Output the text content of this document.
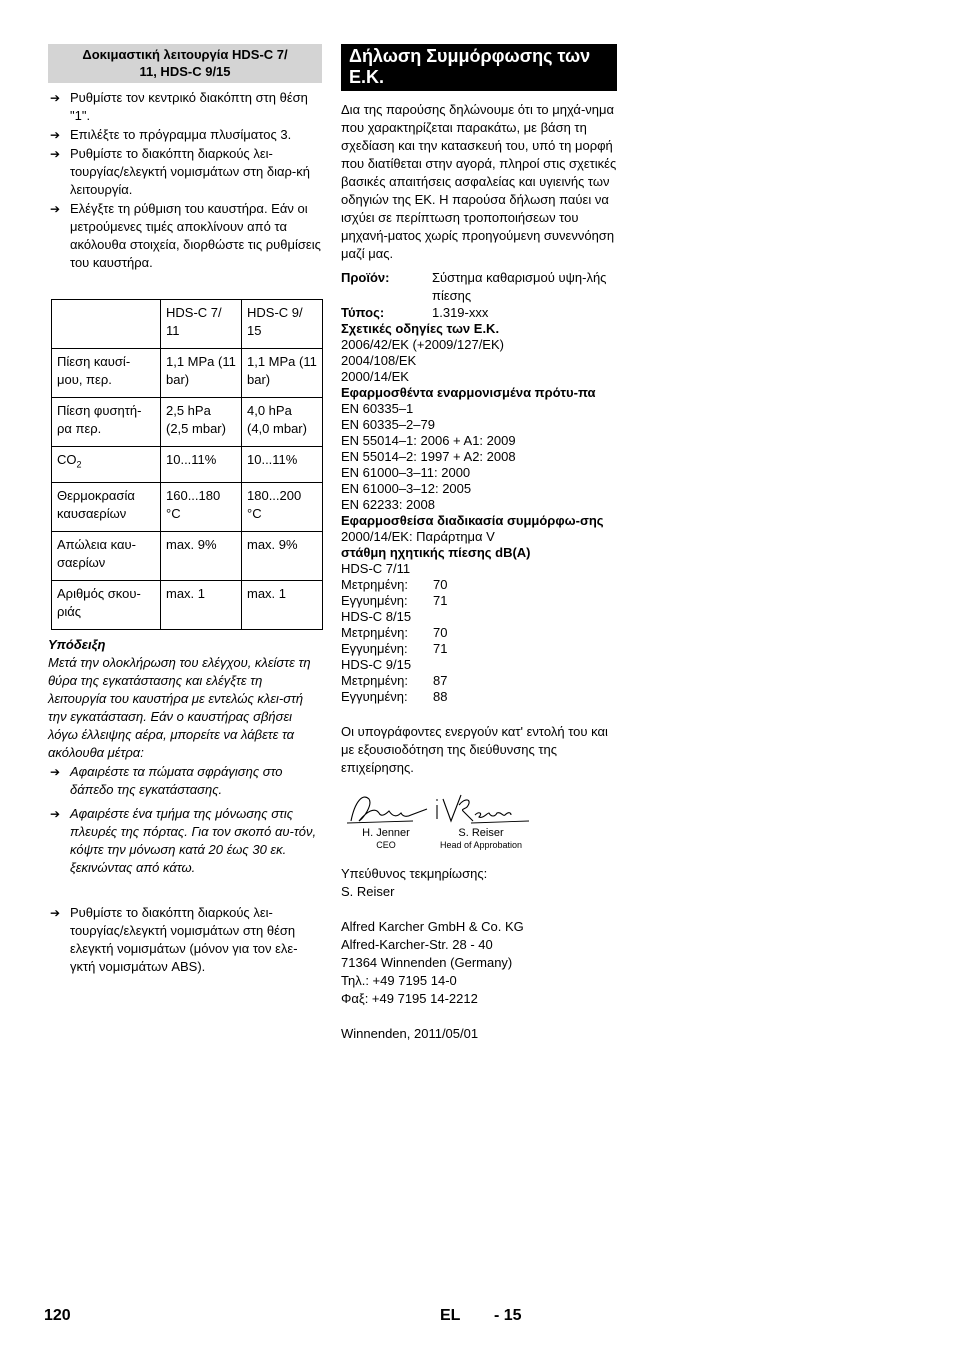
Δοκιμαστική λειτουργία HDS-C 7/
11, HDS-C 9/15
➔ Ρυθμίστε τον κεντρικό διακόπτη στη θέση "1".
➔ Επιλέξτε το πρόγραμμα πλυσίματος 3.
➔ Ρυθμίστε το διακόπτη διαρκούς λει-τουργίας/ελεγκτή νομισμάτων στη διαρ-κή λειτουργία.
➔ Ελέγξτε τη ρύθμιση του καυστήρα. Εάν οι μετρούμενες τιμές αποκλίνουν από τα ακόλουθα στοιχεία, διορθώστε τις ρυθμίσεις του καυστήρα.
	HDS-C 7/ 11	HDS-C 9/ 15
Πίεση καυσί-μου, περ.	1,1 MPa (11 bar)	1,1 MPa (11 bar)
Πίεση φυσητή-ρα περ.	2,5 hPa (2,5 mbar)	4,0 hPa (4,0 mbar)
$CO_2$	10...11%	10...11%
Θερμοκρασία καυσαερίων	160...180 °C	180...200 °C
Απώλεια καυ-σαερίων	max. 9%	max. 9%
Αριθμός σκου-ριάς	max. 1	max. 1
Υπόδειξη
Μετά την ολοκλήρωση του ελέγχου, κλείστε τη θύρα της εγκατάστασης και ελέγξτε τη λειτουργία του καυστήρα με εντελώς κλει-στή την εγκατάσταση. Εάν ο καυστήρας σβήσει λόγω έλλειψης αέρα, μπορείτε να λάβετε τα ακόλουθα μέτρα:
➔ Αφαιρέστε τα πώματα σφράγισης στο δάπεδο της εγκατάστασης.
➔ Αφαιρέστε ένα τμήμα της μόνωσης στις πλευρές της πόρτας. Για τον σκοπό αυ-τόν, κόψτε την μόνωση κατά 20 έως 30 εκ. ξεκινώντας από κάτω.
➔ Ρυθμίστε το διακόπτη διαρκούς λει-τουργίας/ελεγκτή νομισμάτων στη θέση ελεγκτή νομισμάτων (μόνον για τον ελε-γκτή νομισμάτων ABS).
Δήλωση Συμμόρφωσης των Ε.Κ.

Δια της παρούσης δηλώνουμε ότι το μηχά-νημα που χαρακτηρίζεται παρακάτω, με βάση τη σχεδίαση και την κατασκευή του, υπό τη μορφή που διατίθεται στην αγορά, πληροί στις σχετικές βασικές απαιτήσεις ασφαλείας και υγιεινής των οδηγιών της ΕΚ. Η παρούσα δήλωση παύει να ισχύει σε περίπτωση τροποποιήσεων του μηχανή-ματος χωρίς προηγούμενη συνεννόηση μαζί μας.

Προϊόν:	Σύστημα καθαρισμού υψη-λής πίεσης
Τύπος:	1.319-xxx
Σχετικές οδηγίες των Ε.Κ.
2006/42/ΕΚ (+2009/127/ΕΚ)
2004/108/ΕΚ
2000/14/ΕΚ
Εφαρμοσθέντα εναρμονισμένα πρότυ-πα
EN 60335–1
EN 60335–2–79
EN 55014–1: 2006 + A1: 2009
EN 55014–2: 1997 + A2: 2008
EN 61000–3–11: 2000
EN 61000–3–12: 2005
EN 62233: 2008
Εφαρμοσθείσα διαδικασία συμμόρφω-σης
2000/14/ΕΚ: Παράρτημα V
στάθμη ηχητικής πίεσης dB(A)
HDS-C 7/11
Μετρημένη:	70
Εγγυημένη:	71
HDS-C 8/15
Μετρημένη:	70
Εγγυημένη:	71
HDS-C 9/15
Μετρημένη:	87
Εγγυημένη:	88

Οι υπογράφοντες ενεργούν κατ' εντολή του και με εξουσιοδότηση της διεύθυνσης της επιχείρησης.

H. Jenner
CEO
S. Reiser
Head of Approbation
Υπεύθυνος τεκμηρίωσης:
S. Reiser
Alfred Karcher GmbH & Co. KG
Alfred-Karcher-Str. 28 - 40
71364 Winnenden (Germany)
Τηλ.: +49 7195 14-0
Φαξ: +49 7195 14-2212
Winnenden, 2011/05/01
120	EL - 15
